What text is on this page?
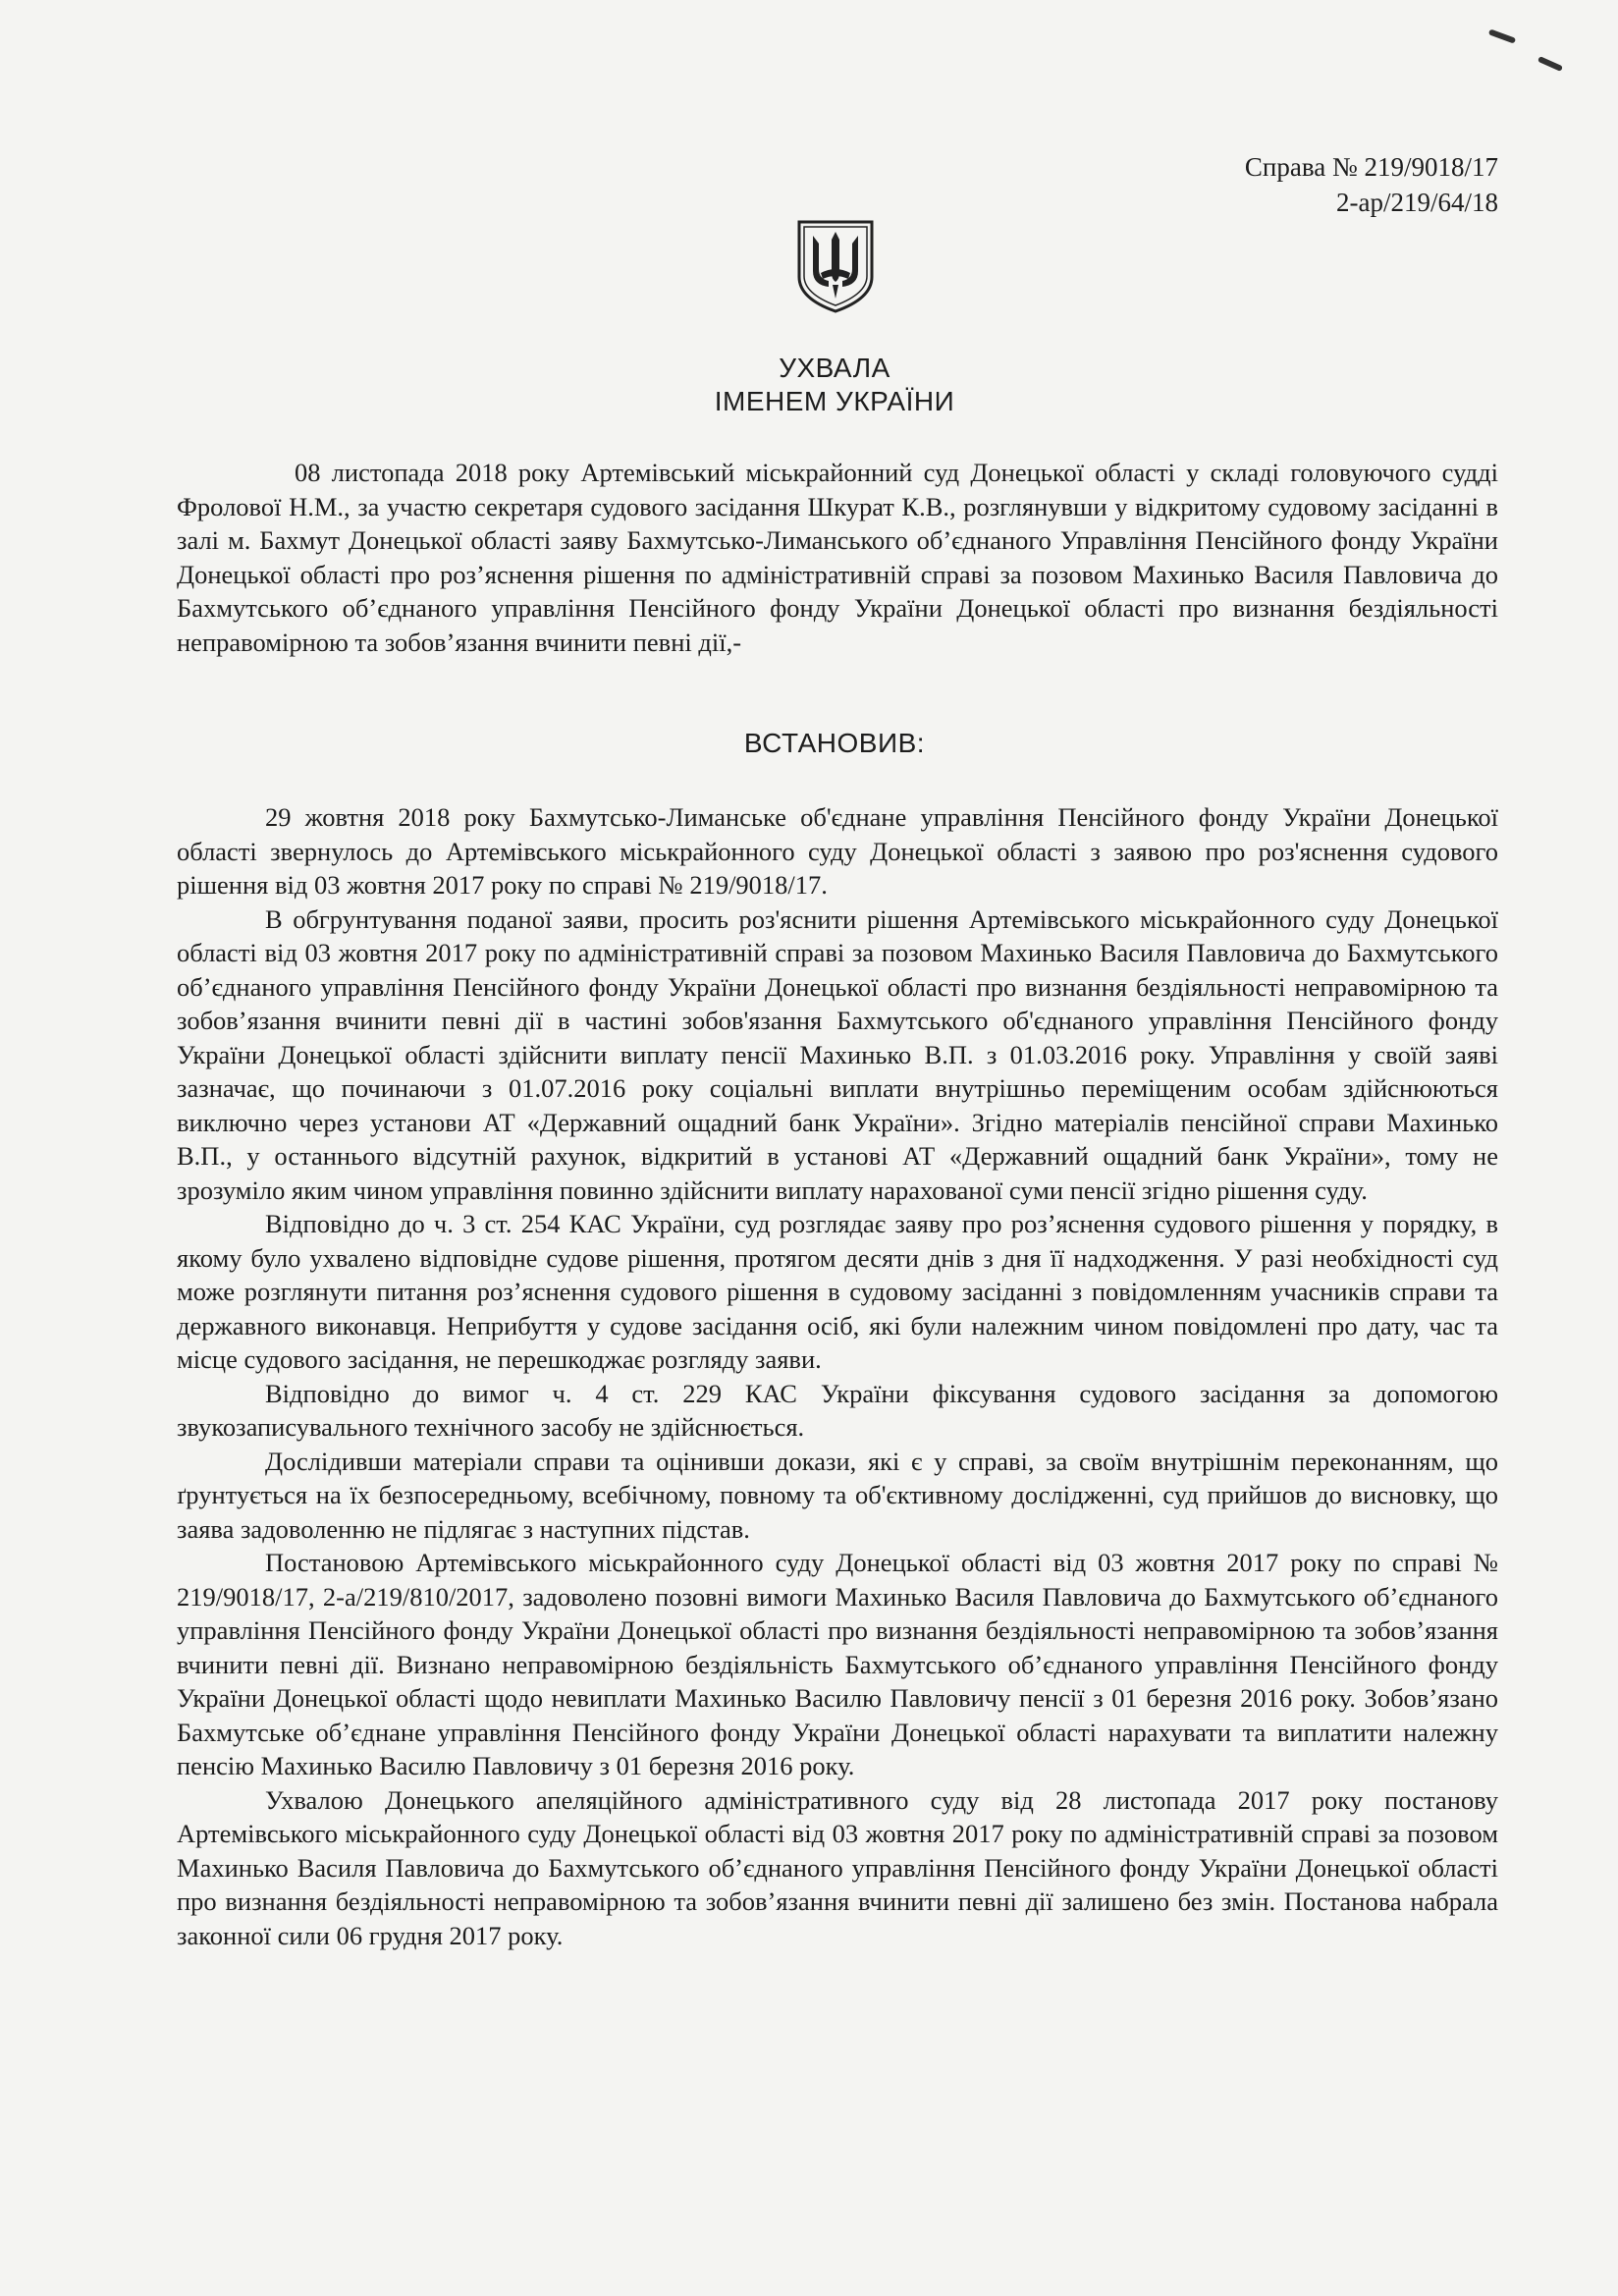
Справа № 219/9018/17
2-ар/219/64/18
УХВАЛА
ІМЕНЕМ УКРАЇНИ

08 листопада 2018 року Артемівський міськрайонний суд Донецької області у складі головуючого судді Фролової Н.М., за участю секретаря судового засідання Шкурат К.В., розглянувши у відкритому судовому засіданні в залі м. Бахмут Донецької області заяву Бахмутсько-Лиманського об’єднаного Управління Пенсійного фонду України Донецької області про роз’яснення рішення по адміністративній справі за позовом Махинько Василя Павловича до Бахмутського об’єднаного управління Пенсійного фонду України Донецької області про визнання бездіяльності неправомірною та зобов’язання вчинити певні дії,-

ВСТАНОВИВ:

29 жовтня 2018 року Бахмутсько-Лиманське об'єднане управління Пенсійного фонду України Донецької області звернулось до Артемівського міськрайонного суду Донецької області з заявою про роз'яснення судового рішення від 03 жовтня 2017 року по справі № 219/9018/17.

В обгрунтування поданої заяви, просить роз'яснити рішення Артемівського міськрайонного суду Донецької області від 03 жовтня 2017 року по адміністративній справі за позовом Махинько Василя Павловича до Бахмутського об’єднаного управління Пенсійного фонду України Донецької області про визнання бездіяльності неправомірною та зобов’язання вчинити певні дії в частині зобов'язання Бахмутського об'єднаного управління Пенсійного фонду України Донецької області здійснити виплату пенсії Махинько В.П. з 01.03.2016 року. Управління у своїй заяві зазначає, що починаючи з 01.07.2016 року соціальні виплати внутрішньо переміщеним особам здійснюються виключно через установи АТ «Державний ощадний банк України». Згідно матеріалів пенсійної справи Махинько В.П., у останнього відсутній рахунок, відкритий в установі АТ «Державний ощадний банк України», тому не зрозуміло яким чином управління повинно здійснити виплату нарахованої суми пенсії згідно рішення суду.

Відповідно до ч. 3 ст. 254 КАС України, суд розглядає заяву про роз’яснення судового рішення у порядку, в якому було ухвалено відповідне судове рішення, протягом десяти днів з дня її надходження. У разі необхідності суд може розглянути питання роз’яснення судового рішення в судовому засіданні з повідомленням учасників справи та державного виконавця. Неприбуття у судове засідання осіб, які були належним чином повідомлені про дату, час та місце судового засідання, не перешкоджає розгляду заяви.

Відповідно до вимог ч. 4 ст. 229 КАС України фіксування судового засідання за допомогою звукозаписувального технічного засобу не здійснюється.

Дослідивши матеріали справи та оцінивши докази, які є у справі, за своїм внутрішнім переконанням, що ґрунтується на їх безпосередньому, всебічному, повному та об'єктивному дослідженні, суд прийшов до висновку, що заява задоволенню не підлягає з наступних підстав.

Постановою Артемівського міськрайонного суду Донецької області від 03 жовтня 2017 року по справі № 219/9018/17, 2-а/219/810/2017, задоволено позовні вимоги Махинько Василя Павловича до Бахмутського об’єднаного управління Пенсійного фонду України Донецької області про визнання бездіяльності неправомірною та зобов’язання вчинити певні дії. Визнано неправомірною бездіяльність Бахмутського об’єднаного управління Пенсійного фонду України Донецької області щодо невиплати Махинько Василю Павловичу пенсії з 01 березня 2016 року. Зобов’язано Бахмутське об’єднане управління Пенсійного фонду України Донецької області нарахувати та виплатити належну пенсію Махинько Василю Павловичу з 01 березня 2016 року.

Ухвалою Донецького апеляційного адміністративного суду від 28 листопада 2017 року постанову Артемівського міськрайонного суду Донецької області від 03 жовтня 2017 року по адміністративній справі за позовом Махинько Василя Павловича до Бахмутського об’єднаного управління Пенсійного фонду України Донецької області про визнання бездіяльності неправомірною та зобов’язання вчинити певні дії залишено без змін. Постанова набрала законної сили 06 грудня 2017 року.
